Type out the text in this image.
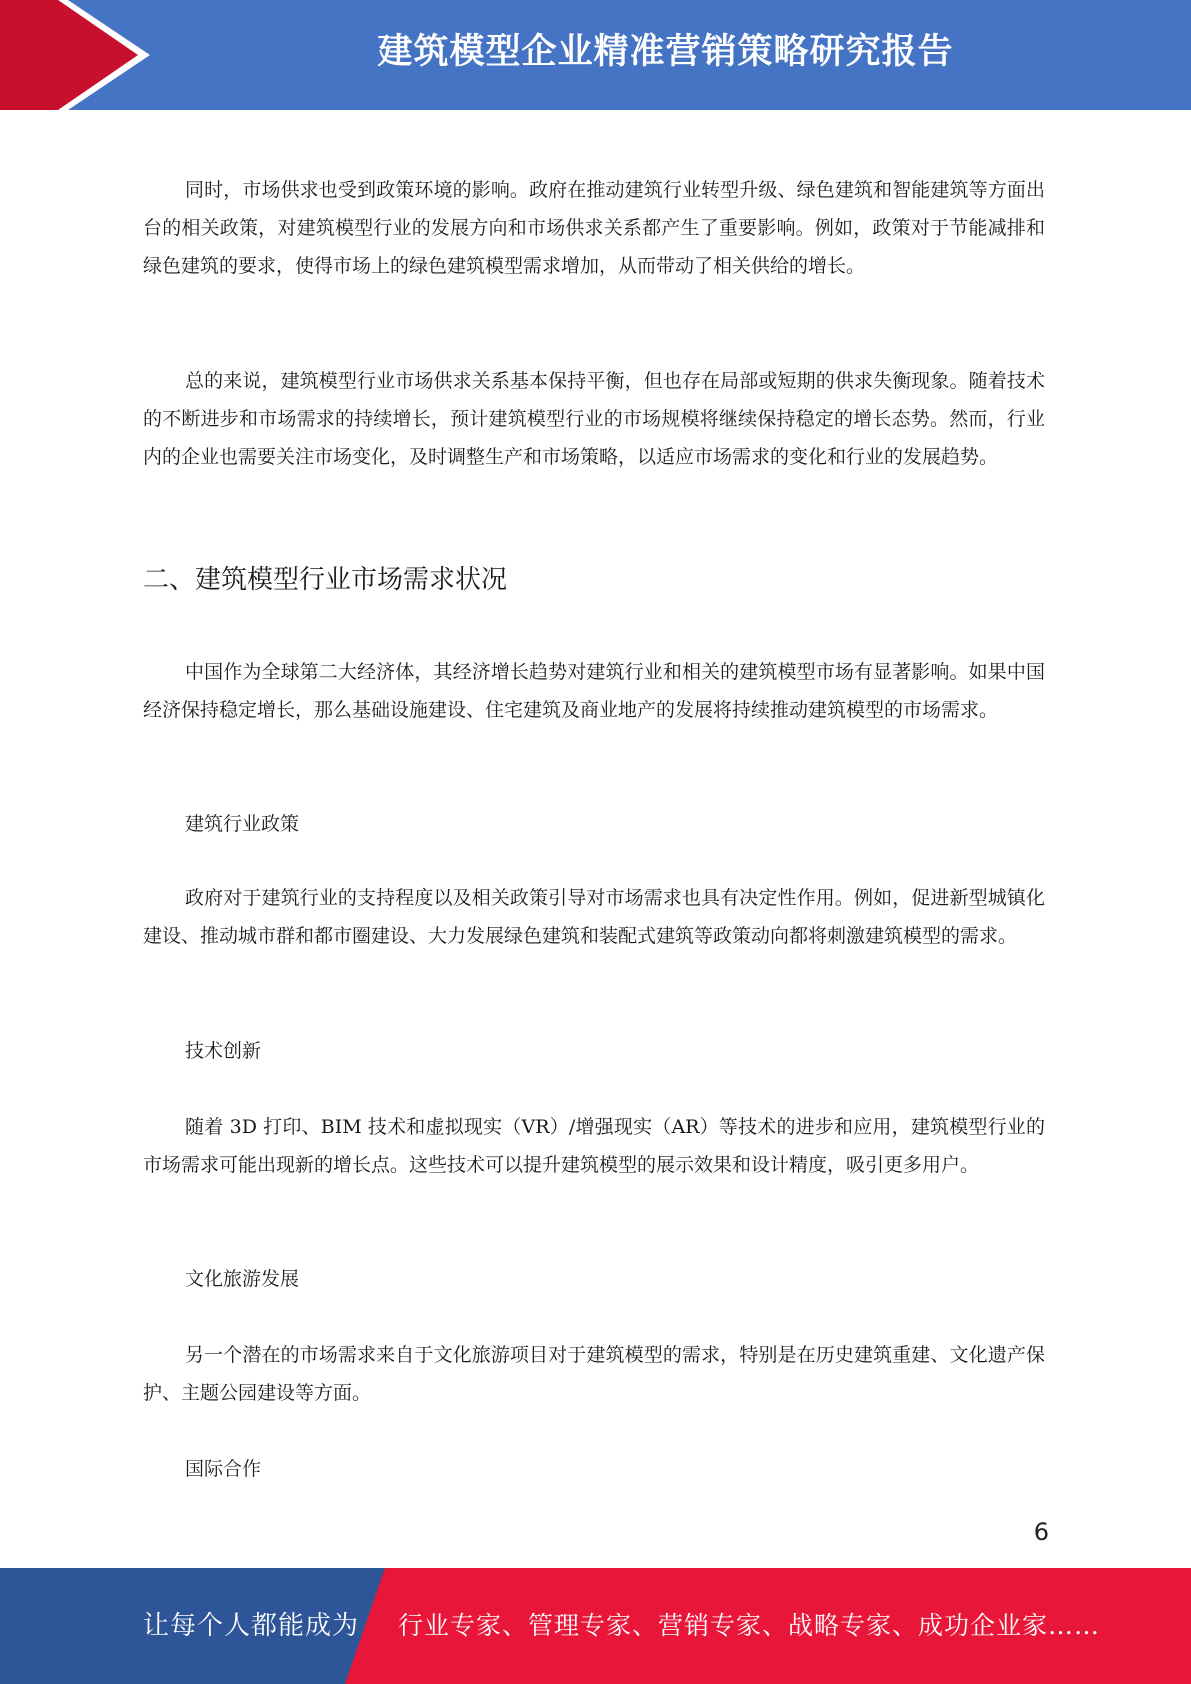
建筑模型企业精准营销策略研究报告

同时，市场供求也受到政策环境的影响。政府在推动建筑行业转型升级、绿色建筑和智能建筑等方面出台的相关政策，对建筑模型行业的发展方向和市场供求关系都产生了重要影响。例如，政策对于节能减排和绿色建筑的要求，使得市场上的绿色建筑模型需求增加，从而带动了相关供给的增长。

总的来说，建筑模型行业市场供求关系基本保持平衡，但也存在局部或短期的供求失衡现象。随着技术的不断进步和市场需求的持续增长，预计建筑模型行业的市场规模将继续保持稳定的增长态势。然而，行业内的企业也需要关注市场变化，及时调整生产和市场策略，以适应市场需求的变化和行业的发展趋势。

二、建筑模型行业市场需求状况

中国作为全球第二大经济体，其经济增长趋势对建筑行业和相关的建筑模型市场有显著影响。如果中国经济保持稳定增长，那么基础设施建设、住宅建筑及商业地产的发展将持续推动建筑模型的市场需求。

建筑行业政策

政府对于建筑行业的支持程度以及相关政策引导对市场需求也具有决定性作用。例如，促进新型城镇化建设、推动城市群和都市圈建设、大力发展绿色建筑和装配式建筑等政策动向都将刺激建筑模型的需求。

技术创新

随着 3D 打印、BIM 技术和虚拟现实（VR）/增强现实（AR）等技术的进步和应用，建筑模型行业的市场需求可能出现新的增长点。这些技术可以提升建筑模型的展示效果和设计精度，吸引更多用户。

文化旅游发展

另一个潜在的市场需求来自于文化旅游项目对于建筑模型的需求，特别是在历史建筑重建、文化遗产保护、主题公园建设等方面。

国际合作

6
让每个人都能成为 行业专家、管理专家、营销专家、战略专家、成功企业家……
